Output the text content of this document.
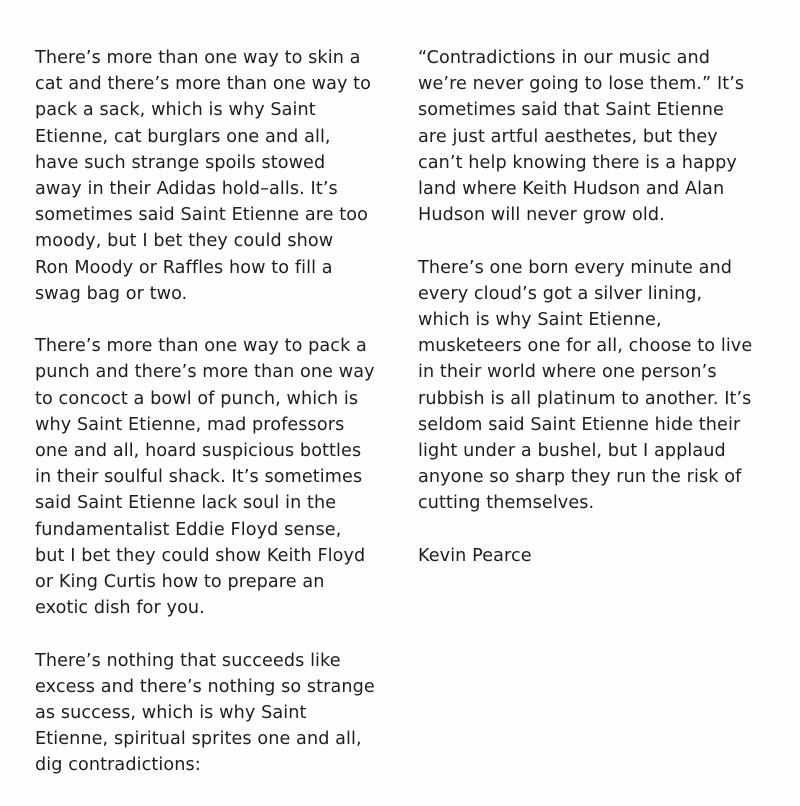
There’s more than one way to skin a
cat and there’s more than one way to
pack a sack, which is why Saint
Etienne, cat burglars one and all,
have such strange spoils stowed
away in their Adidas hold–alls. It’s
sometimes said Saint Etienne are too
moody, but I bet they could show
Ron Moody or Raffles how to fill a
swag bag or two.

There’s more than one way to pack a
punch and there’s more than one way
to concoct a bowl of punch, which is
why Saint Etienne, mad professors
one and all, hoard suspicious bottles
in their soulful shack. It’s sometimes
said Saint Etienne lack soul in the
fundamentalist Eddie Floyd sense,
but I bet they could show Keith Floyd
or King Curtis how to prepare an
exotic dish for you.

There’s nothing that succeeds like
excess and there’s nothing so strange
as success, which is why Saint
Etienne, spiritual sprites one and all,
dig contradictions:

“Contradictions in our music and
we’re never going to lose them.” It’s
sometimes said that Saint Etienne
are just artful aesthetes, but they
can’t help knowing there is a happy
land where Keith Hudson and Alan
Hudson will never grow old.

There’s one born every minute and
every cloud’s got a silver lining,
which is why Saint Etienne,
musketeers one for all, choose to live
in their world where one person’s
rubbish is all platinum to another. It’s
seldom said Saint Etienne hide their
light under a bushel, but I applaud
anyone so sharp they run the risk of
cutting themselves.

Kevin Pearce
